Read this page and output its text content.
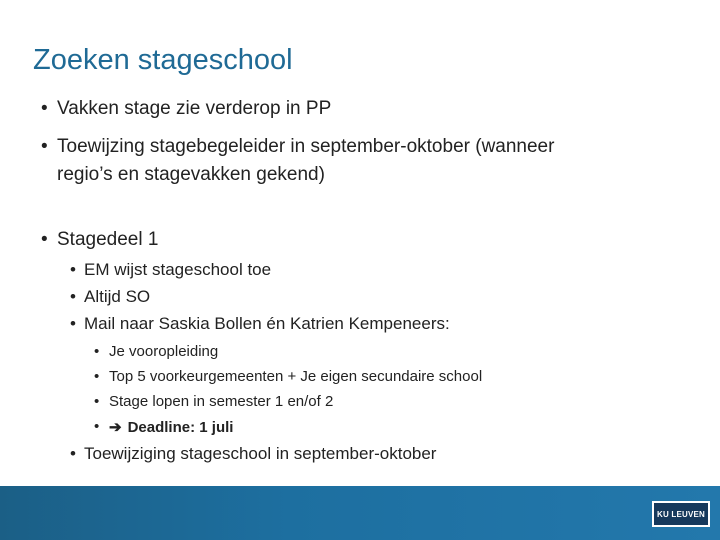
Zoeken stageschool
• Vakken stage zie verderop in PP
• Toewijzing stagebegeleider in september-oktober (wanneer
regio’s en stagevakken gekend)
• Stagedeel 1
• EM wijst stageschool toe
• Altijd SO
• Mail naar Saskia Bollen én Katrien Kempeneers:
• Je vooropleiding
• Top 5 voorkeurgemeenten + Je eigen secundaire school
• Stage lopen in semester 1 en/of 2
• ➔ Deadline: 1 juli
• Toewijziging stageschool in september-oktober
KU LEUVEN
